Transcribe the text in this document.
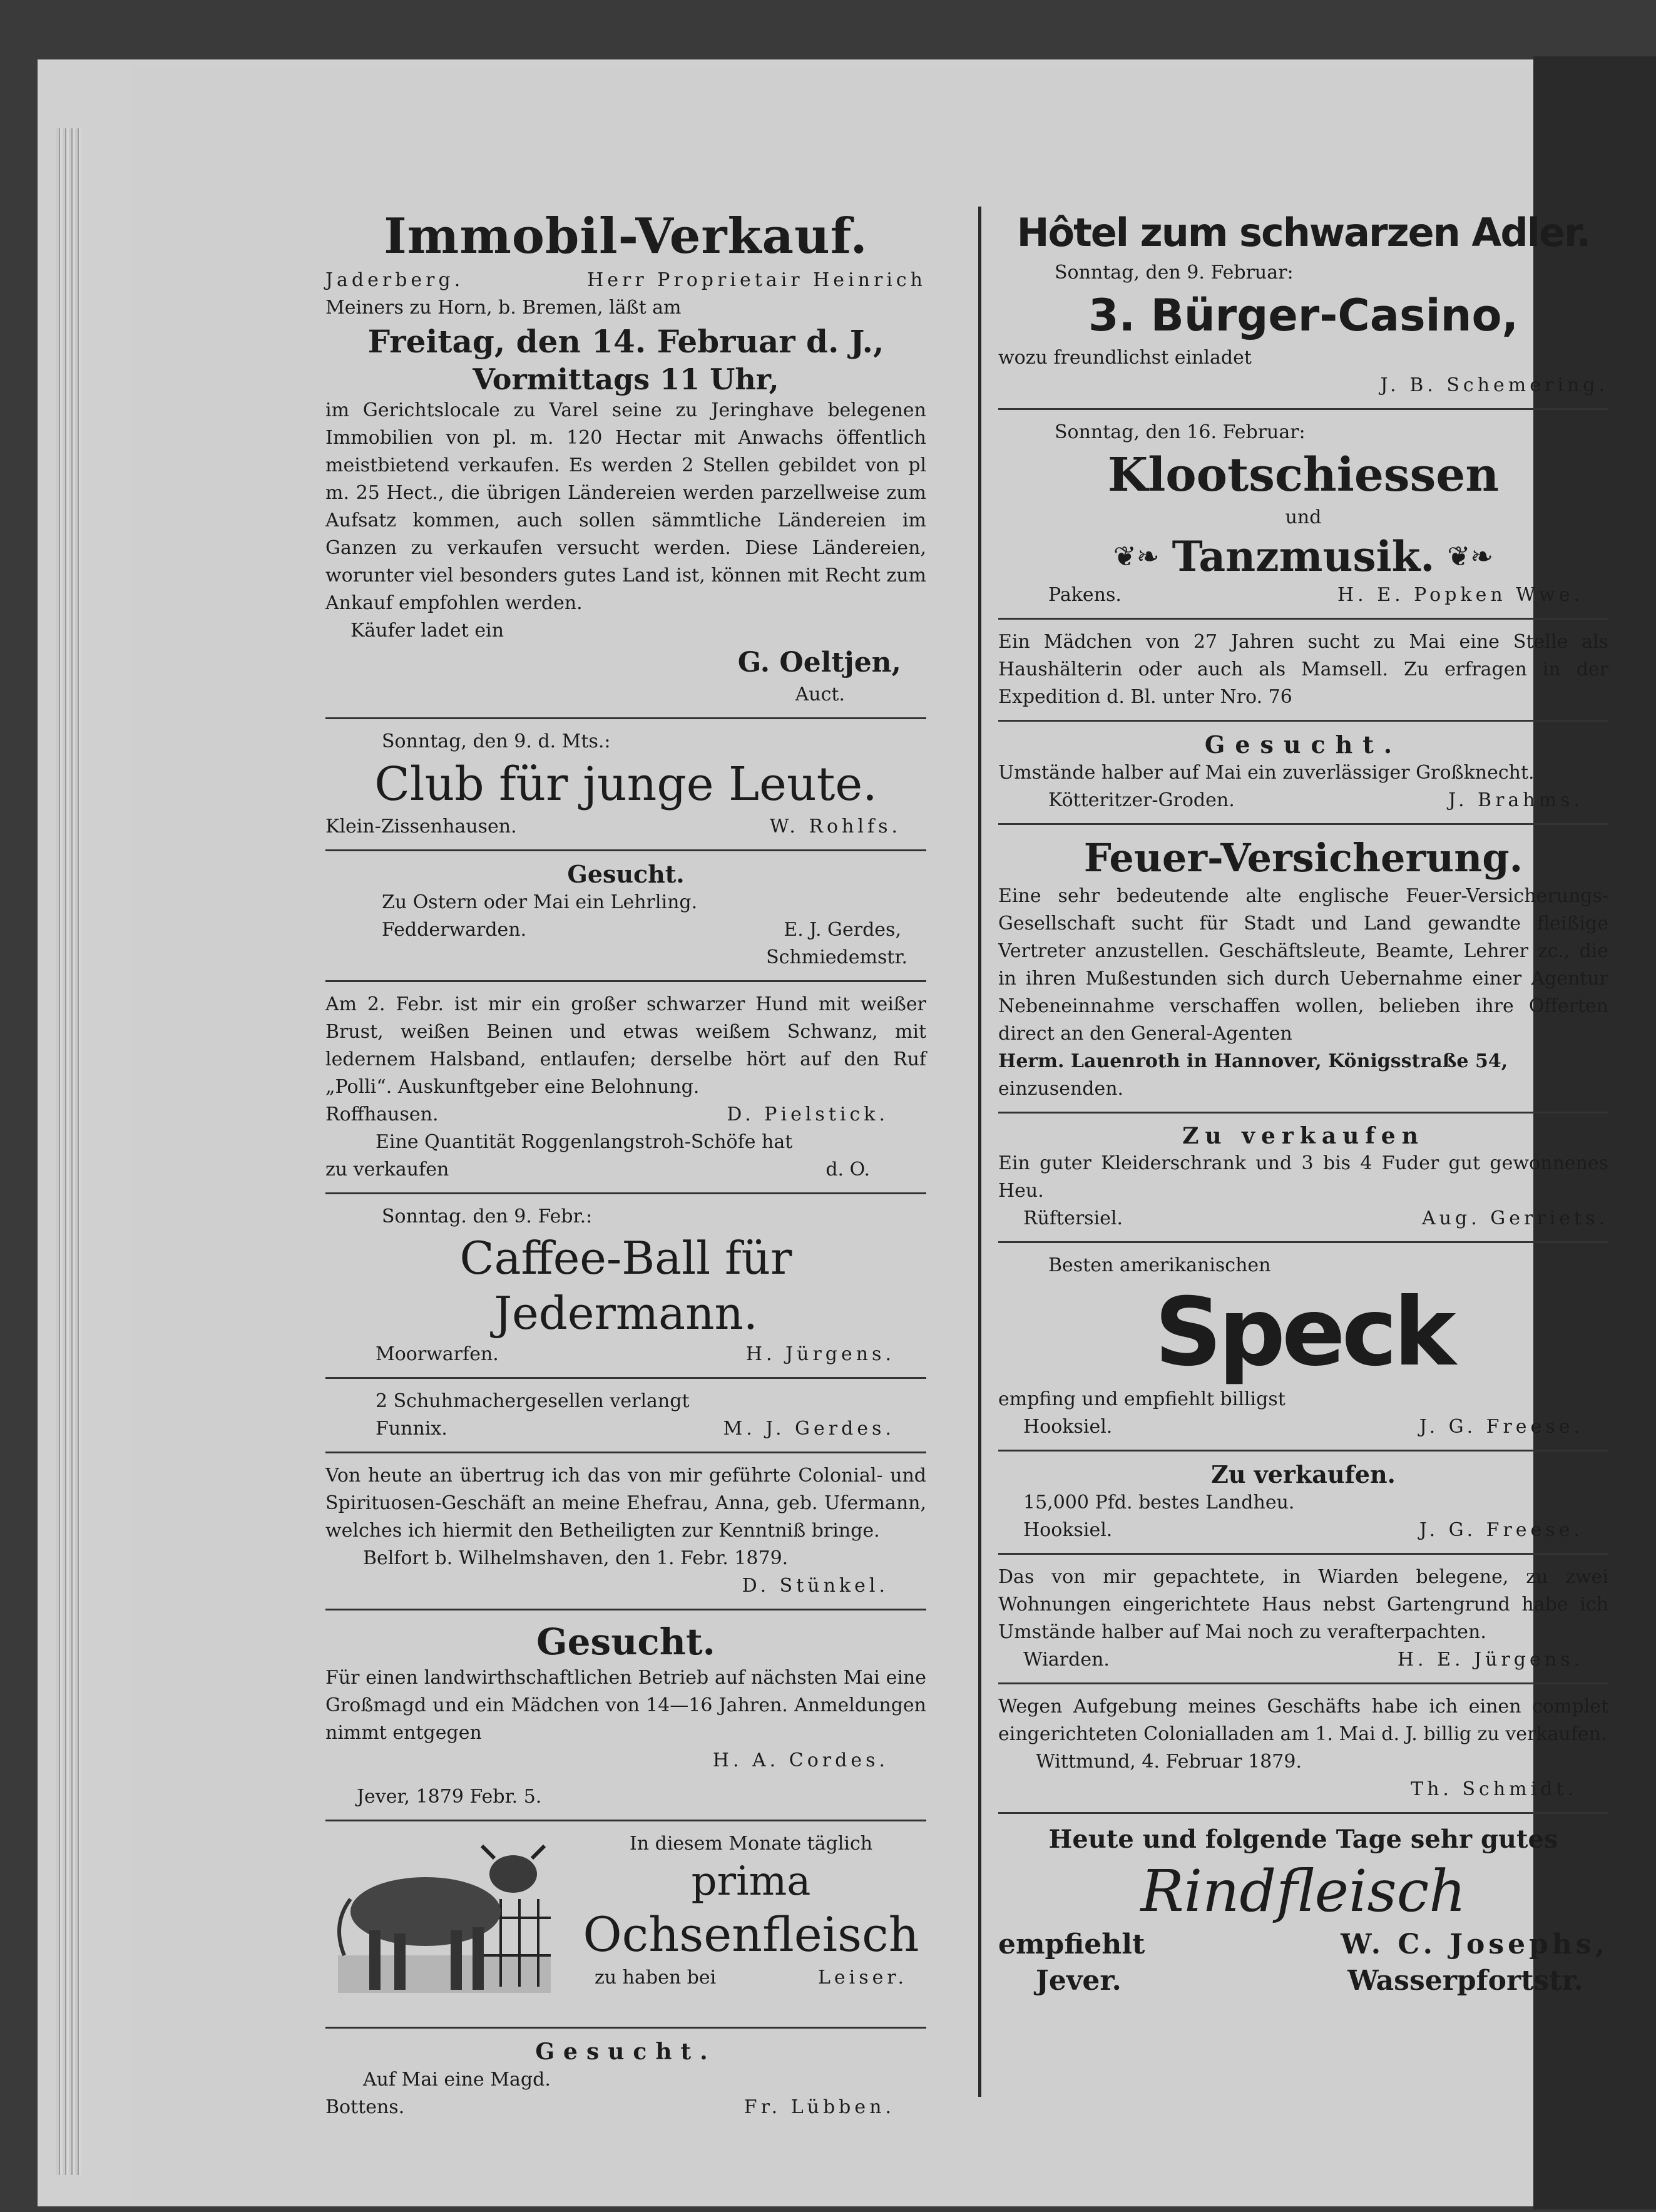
Immobil-Verkauf.
Jaderberg.	Herr Proprietair Heinrich
Meiners zu Horn, b. Bremen, läßt am
Freitag, den 14. Februar d. J.,
Vormittags 11 Uhr,
im Gerichtslocale zu Varel seine zu Jeringhave belegenen Immobilien von pl. m. 120 Hectar mit Anwachs öffentlich meistbietend verkaufen. Es werden 2 Stellen gebildet von pl m. 25 Hect., die übrigen Ländereien werden parzellweise zum Aufsatz kommen, auch sollen sämmtliche Ländereien im Ganzen zu verkaufen versucht werden. Diese Ländereien, worunter viel besonders gutes Land ist, können mit Recht zum Ankauf empfohlen werden.
Käufer ladet ein
G. Oeltjen,
Auct.
Sonntag, den 9. d. Mts.:
Club für junge Leute.
Klein-Zissenhausen.	W. Rohlfs.
Gesucht.
Zu Ostern oder Mai ein Lehrling.
Fedderwarden.	E. J. Gerdes,
Schmiedemstr.
Am 2. Febr. ist mir ein großer schwarzer Hund mit weißer Brust, weißen Beinen und etwas weißem Schwanz, mit ledernem Halsband, entlaufen; derselbe hört auf den Ruf „Polli“. Auskunftgeber eine Belohnung.
Roffhausen.	D. Pielstick.
Eine Quantität Roggenlangstroh-Schöfe hat
zu verkaufen	d. O.
Sonntag. den 9. Febr.:
Caffee-Ball für Jedermann.
Moorwarfen.	H. Jürgens.
2 Schuhmachergesellen verlangt
Funnix.	M. J. Gerdes.
Von heute an übertrug ich das von mir geführte Colonial- und Spirituosen-Geschäft an meine Ehefrau, Anna, geb. Ufermann, welches ich hiermit den Betheiligten zur Kenntniß bringe.
Belfort b. Wilhelmshaven, den 1. Febr. 1879.
D. Stünkel.
Gesucht.
Für einen landwirthschaftlichen Betrieb auf nächsten Mai eine Großmagd und ein Mädchen von 14—16 Jahren. Anmeldungen nimmt entgegen
H. A. Cordes.
Jever, 1879 Febr. 5.
In diesem Monate täglich
prima
Ochsenfleisch
zu haben bei	Leiser.
Gesucht.
Auf Mai eine Magd.
Bottens.	Fr. Lübben.
Hôtel zum schwarzen Adler.
Sonntag, den 9. Februar:
3. Bürger-Casino,
wozu freundlichst einladet
J. B. Schemering.
Sonntag, den 16. Februar:
Klootschiessen
und
❦❧ Tanzmusik. ❦❧
Pakens.	H. E. Popken Wwe.
Ein Mädchen von 27 Jahren sucht zu Mai eine Stelle als Haushälterin oder auch als Mamsell. Zu erfragen in der Expedition d. Bl. unter Nro. 76
Gesucht.
Umstände halber auf Mai ein zuverlässiger Großknecht.
Kötteritzer-Groden.	J. Brahms.
Feuer-Versicherung.
Eine sehr bedeutende alte englische Feuer-Versicherungs-Gesellschaft sucht für Stadt und Land gewandte fleißige Vertreter anzustellen. Geschäftsleute, Beamte, Lehrer zc., die in ihren Mußestunden sich durch Uebernahme einer Agentur Nebeneinnahme verschaffen wollen, belieben ihre Offerten direct an den General-Agenten
Herm. Lauenroth in Hannover, Königsstraße 54,
einzusenden.
Zu verkaufen
Ein guter Kleiderschrank und 3 bis 4 Fuder gut gewonnenes Heu.
Rüftersiel.	Aug. Gerriets.
Besten amerikanischen
Speck
empfing und empfiehlt billigst
Hooksiel.	J. G. Freese.
Zu verkaufen.
15,000 Pfd. bestes Landheu.
Hooksiel.	J. G. Freese.
Das von mir gepachtete, in Wiarden belegene, zu zwei Wohnungen eingerichtete Haus nebst Gartengrund habe ich Umstände halber auf Mai noch zu verafterpachten.
Wiarden.	H. E. Jürgens.
Wegen Aufgebung meines Geschäfts habe ich einen complet eingerichteten Colonialladen am 1. Mai d. J. billig zu verkaufen.
Wittmund, 4. Februar 1879.
Th. Schmidt.
Heute und folgende Tage sehr gutes
Rindfleisch
empfiehlt	W. C. Josephs,
Jever.	Wasserpfortstr.
